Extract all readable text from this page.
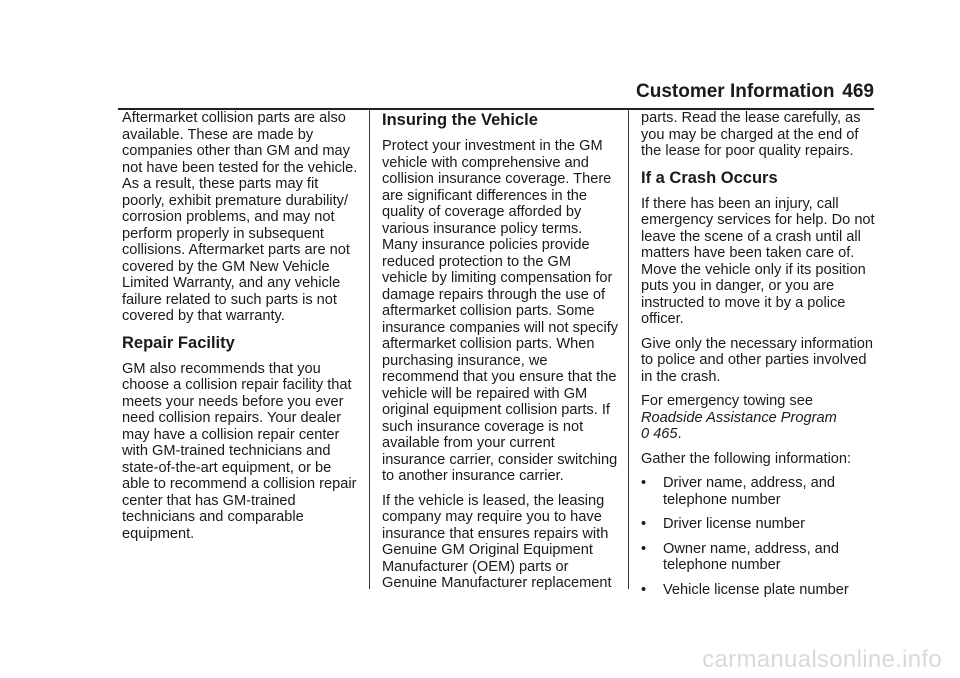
Customer Information 469

Aftermarket collision parts are also available. These are made by companies other than GM and may not have been tested for the vehicle. As a result, these parts may fit poorly, exhibit premature durability/ corrosion problems, and may not perform properly in subsequent collisions. Aftermarket parts are not covered by the GM New Vehicle Limited Warranty, and any vehicle failure related to such parts is not covered by that warranty.

Repair Facility

GM also recommends that you choose a collision repair facility that meets your needs before you ever need collision repairs. Your dealer may have a collision repair center with GM-trained technicians and state-of-the-art equipment, or be able to recommend a collision repair center that has GM-trained technicians and comparable equipment.

Insuring the Vehicle

Protect your investment in the GM vehicle with comprehensive and collision insurance coverage. There are significant differences in the quality of coverage afforded by various insurance policy terms. Many insurance policies provide reduced protection to the GM vehicle by limiting compensation for damage repairs through the use of aftermarket collision parts. Some insurance companies will not specify aftermarket collision parts. When purchasing insurance, we recommend that you ensure that the vehicle will be repaired with GM original equipment collision parts. If such insurance coverage is not available from your current insurance carrier, consider switching to another insurance carrier.

If the vehicle is leased, the leasing company may require you to have insurance that ensures repairs with Genuine GM Original Equipment Manufacturer (OEM) parts or Genuine Manufacturer replacement

parts. Read the lease carefully, as you may be charged at the end of the lease for poor quality repairs.

If a Crash Occurs

If there has been an injury, call emergency services for help. Do not leave the scene of a crash until all matters have been taken care of. Move the vehicle only if its position puts you in danger, or you are instructed to move it by a police officer.

Give only the necessary information to police and other parties involved in the crash.

For emergency towing see
Roadside Assistance Program
0 465.

Gather the following information:

• Driver name, address, and telephone number
• Driver license number
• Owner name, address, and telephone number
• Vehicle license plate number
carmanualsonline.info
